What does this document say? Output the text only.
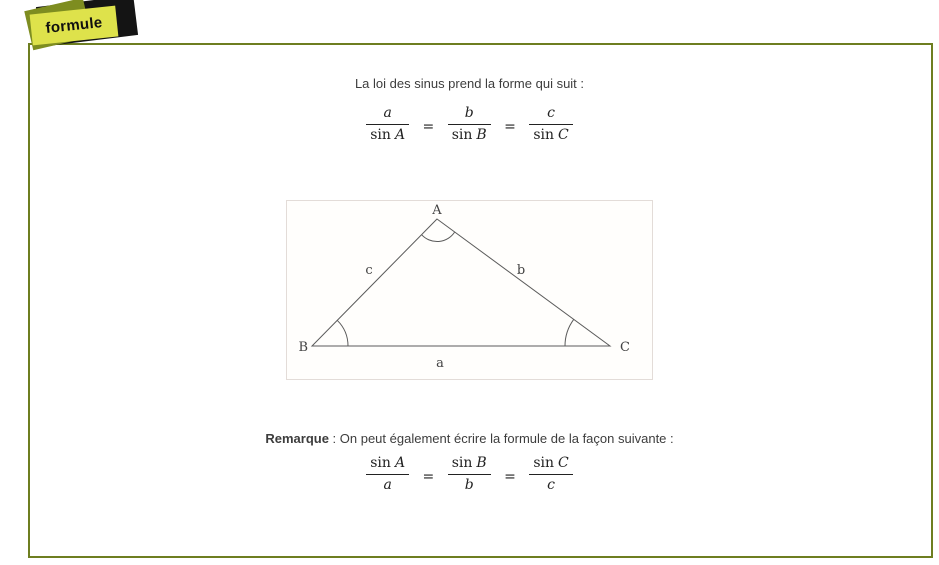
formule
La loi des sinus prend la forme qui suit :
$\frac{a}{\text{sin A}} = \frac{b}{\text{sin B}} = \frac{c}{\text{sin C}}$
A
B	C
c	b
a
Remarque : On peut également écrire la formule de la façon suivante :
$\frac{\text{sin A}}{a} = \frac{\text{sin B}}{b} = \frac{\text{sin C}}{c}$
